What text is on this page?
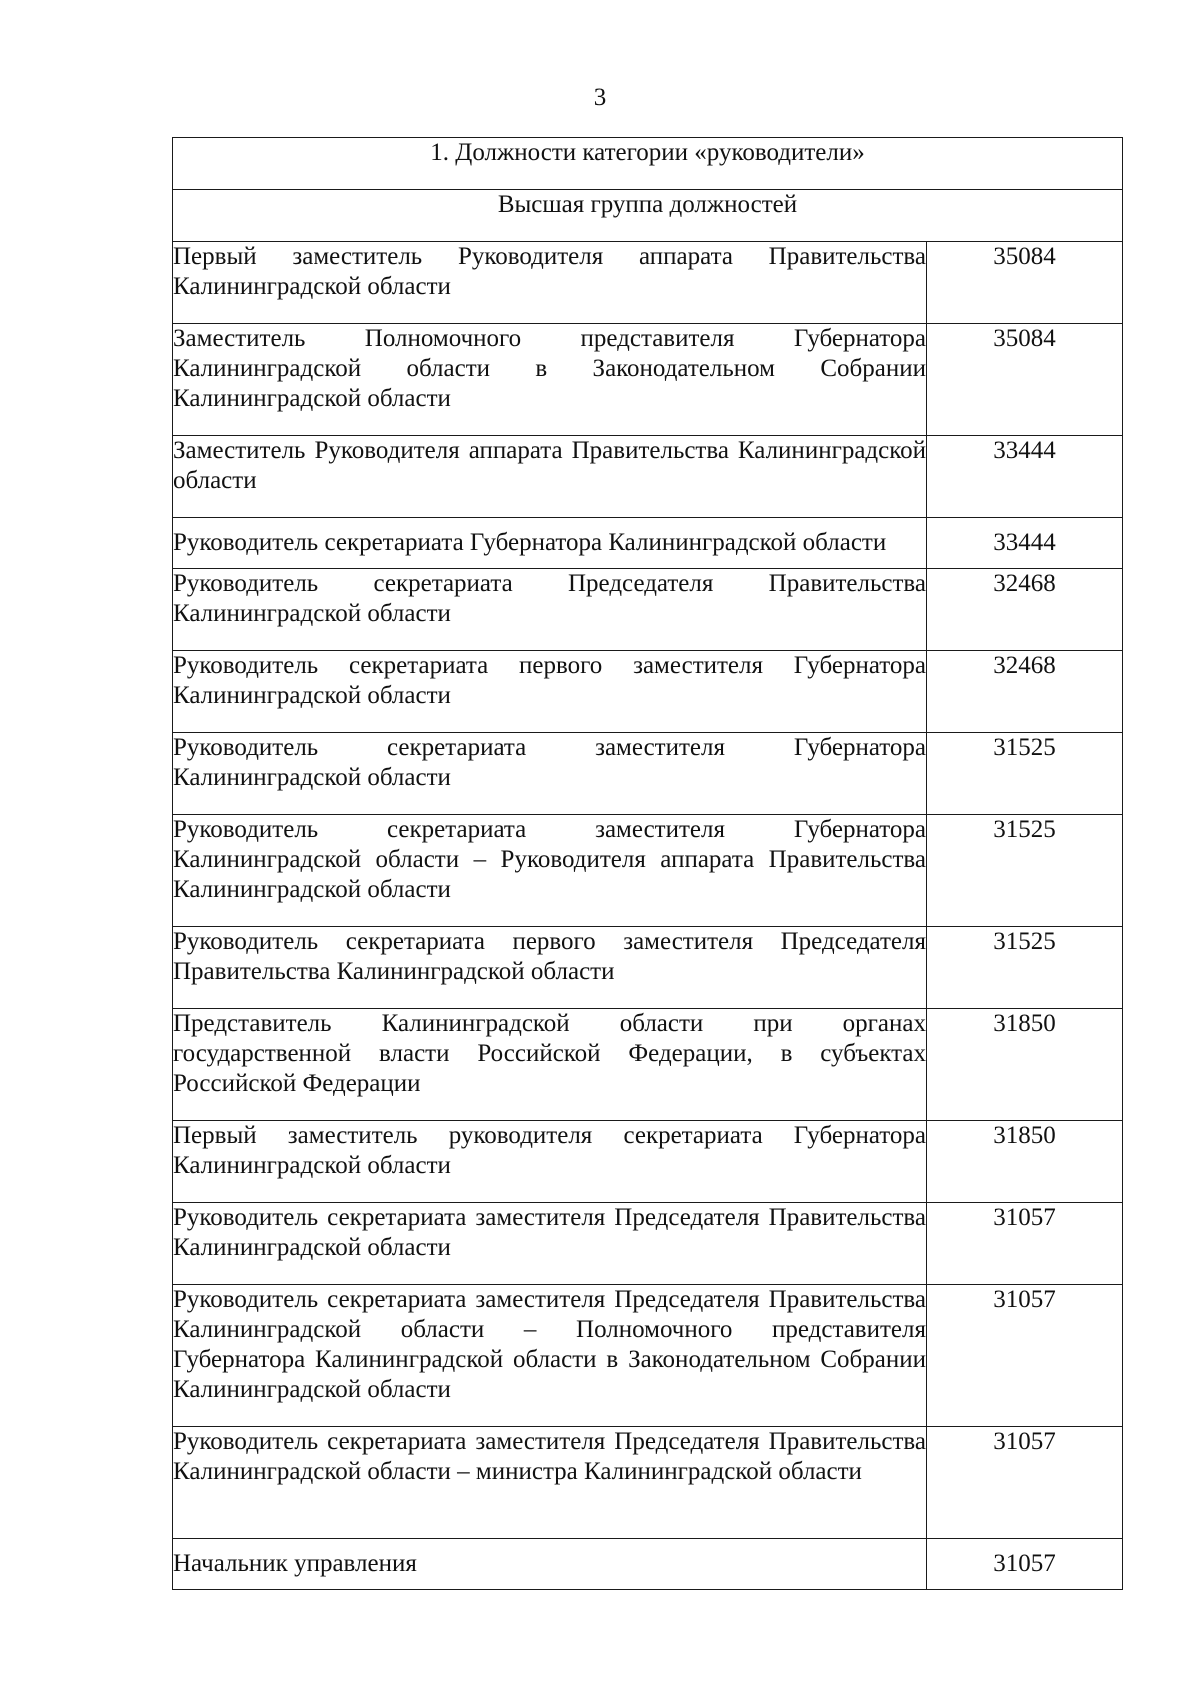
3
1. Должности категории «руководители»	
Высшая группа должностей	
Первый заместитель Руководителя аппарата Правительства Калининградской области	35084
Заместитель Полномочного представителя Губернатора Калининградской области в Законодательном Собрании Калининградской области	35084
Заместитель Руководителя аппарата Правительства Калининградской области	33444
Руководитель секретариата Губернатора Калининградской области	33444
Руководитель секретариата Председателя Правительства Калининградской области	32468
Руководитель секретариата первого заместителя Губернатора Калининградской области	32468
Руководитель секретариата заместителя Губернатора Калининградской области	31525
Руководитель секретариата заместителя Губернатора Калининградской области – Руководителя аппарата Правительства Калининградской области	31525
Руководитель секретариата первого заместителя Председателя Правительства Калининградской области	31525
Представитель Калининградской области при органах государственной власти Российской Федерации, в субъектах Российской Федерации	31850
Первый заместитель руководителя секретариата Губернатора Калининградской области	31850
Руководитель секретариата заместителя Председателя Правительства Калининградской области	31057
Руководитель секретариата заместителя Председателя Правительства Калининградской области – Полномочного представителя Губернатора Калининградской области в Законодательном Собрании Калининградской области	31057
Руководитель секретариата заместителя Председателя Правительства Калининградской области – министра Калининградской области	31057
Начальник управления	31057
